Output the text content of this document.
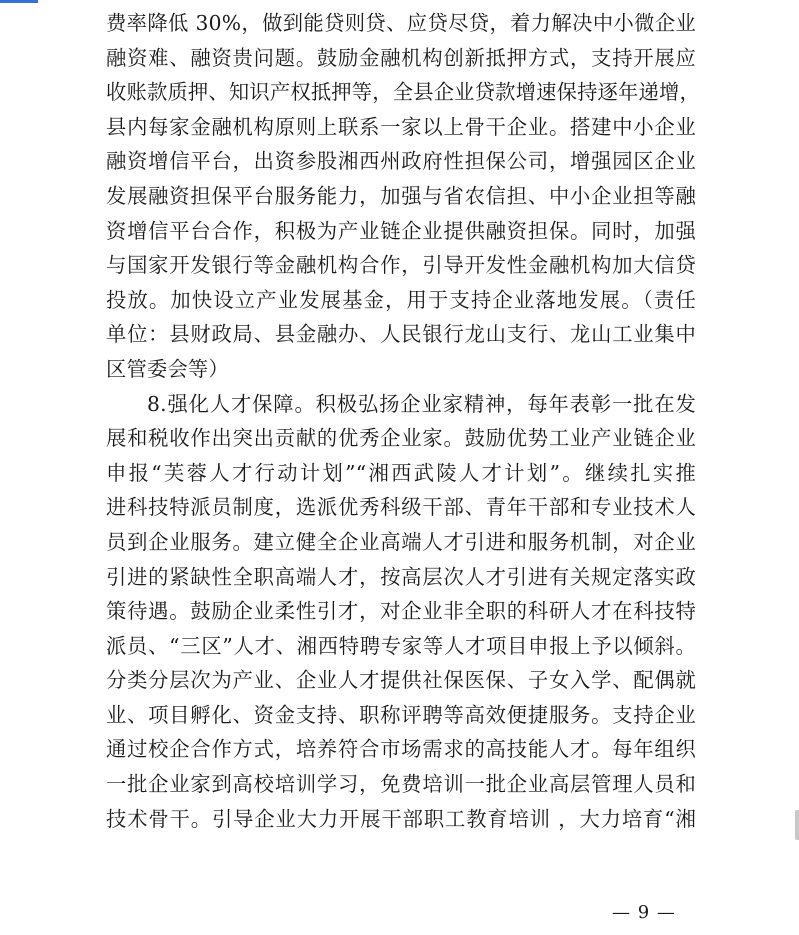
费率降低 30%，做到能贷则贷、应贷尽贷，着力解决中小微企业
融资难、融资贵问题。鼓励金融机构创新抵押方式，支持开展应
收账款质押、知识产权抵押等，全县企业贷款增速保持逐年递增，
县内每家金融机构原则上联系一家以上骨干企业。搭建中小企业
融资增信平台，出资参股湘西州政府性担保公司，增强园区企业
发展融资担保平台服务能力，加强与省农信担、中小企业担等融
资增信平台合作，积极为产业链企业提供融资担保。同时，加强
与国家开发银行等金融机构合作，引导开发性金融机构加大信贷
投放。加快设立产业发展基金，用于支持企业落地发展。（责任
单位：县财政局、县金融办、人民银行龙山支行、龙山工业集中
区管委会等）
8.强化人才保障。积极弘扬企业家精神，每年表彰一批在发
展和税收作出突出贡献的优秀企业家。鼓励优势工业产业链企业
申报“芙蓉人才行动计划”“湘西武陵人才计划”。继续扎实推
进科技特派员制度，选派优秀科级干部、青年干部和专业技术人
员到企业服务。建立健全企业高端人才引进和服务机制，对企业
引进的紧缺性全职高端人才，按高层次人才引进有关规定落实政
策待遇。鼓励企业柔性引才，对企业非全职的科研人才在科技特
派员、“三区”人才、湘西特聘专家等人才项目申报上予以倾斜。
分类分层次为产业、企业人才提供社保医保、子女入学、配偶就
业、项目孵化、资金支持、职称评聘等高效便捷服务。支持企业
通过校企合作方式，培养符合市场需求的高技能人才。每年组织
一批企业家到高校培训学习，免费培训一批企业高层管理人员和
技术骨干。引导企业大力开展干部职工教育培训 ，大力培育“湘
— 9 —
